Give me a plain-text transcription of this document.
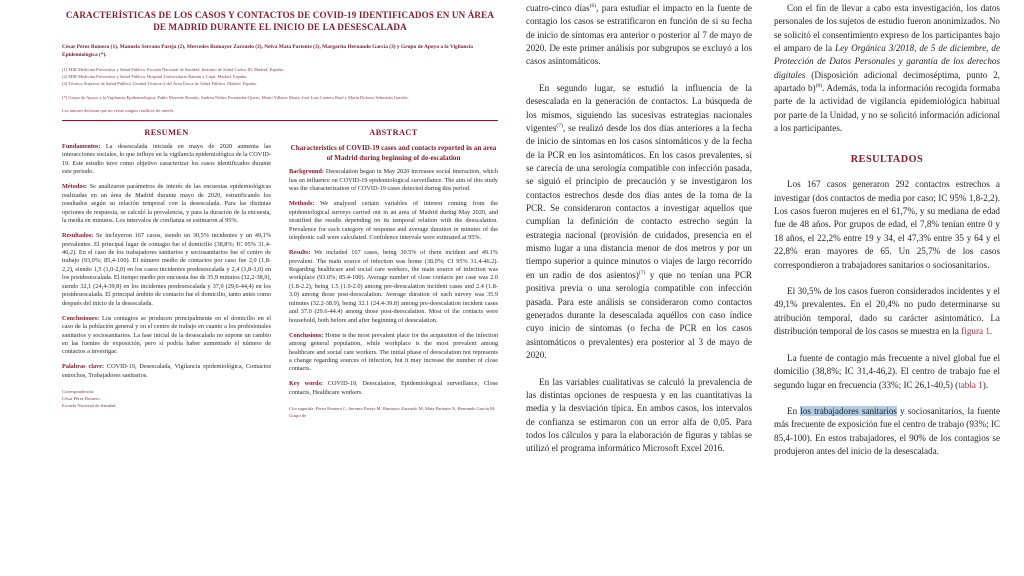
CARACTERÍSTICAS DE LOS CASOS Y CONTACTOS DE COVID-19 IDENTIFICADOS EN UN ÁREA DE MADRID DURANTE EL INICIO DE LA DESESCALADA
César Pérez Romero (1), Manuela Serrano Pareja (2), Mercedes Rumayor Zarzuelo (3), Nelva Mata Pariente (3), Margarita Hernando García (3) y Grupo de Apoyo a la Vigilancia Epidemiológica (*).
(1) MIR Medicina Preventiva y Salud Pública. Escuela Nacional de Sanidad. Instituto de Salud Carlos III. Madrid. España.
(2) MIR Medicina Preventiva y Salud Pública. Hospital Universitario Ramón y Cajal. Madrid. España.
(3) Técnico Superior de Salud Pública. Unidad Técnica-2 del Área Única de Salud Pública. Madrid. España.
(*) Grupo de Apoyo a la Vigilancia Epidemiológica: Pablo Morente Rosado, Andrea Núñez Fernández-Quero, Mario Villares María, José Luis Cantero Raul y María Dolores Sebastián Garrido.
Los autores declaran que no existe ningún conflicto de interés.
RESUMEN

Fundamentos: La desescalada iniciada en mayo de 2020 aumenta las interacciones sociales, lo que influye en la vigilancia epidemiológica de la COVID-19. Este estudio tuvo como objetivo caracterizar los casos identificados durante este periodo.

Métodos: Se analizaron parámetros de interés de las encuestas epidemiológicas realizadas en un área de Madrid durante mayo de 2020, estratificando los resultados según su relación temporal con la desescalada. Para las distintas opciones de respuesta, se calculó la prevalencia, y para la duración de la encuesta, la media en minutos. Los intervalos de confianza se estimaron al 95%.

Resultados: Se incluyeron 167 casos, siendo un 30,5% incidentes y un 49,1% prevalentes. El principal lugar de contagio fue el domicilio (38,8%; IC 95% 31,4-46,2). En el caso de los trabajadores sanitarios y sociosanitarios fue el centro de trabajo (93,0%; 85,4-100). El número medio de contactos por caso fue 2,0 (1,8-2,2), siendo 1,5 (1,0-2,0) en los casos incidentes predesescalada y 2,4 (1,8-3,0) en los postdesescalada. El tiempo medio por encuesta fue de 35,9 minutos (32,2-38,9), siendo 32,1 (24,4-39,8) en los incidentes predesescalada y 37,0 (29,6-44,4) en los postdesescalada. El principal ámbito de contacto fue el domicilio, tanto antes como después del inicio de la desescalada.

Conclusiones: Los contagios se producen principalmente en el domicilio en el caso de la población general y en el centro de trabajo en cuanto a los profesionales sanitarios y sociosanitarios. La fase inicial de la desescalada no supone un cambio en las fuentes de exposición, pero sí podría haber aumentado el número de contactos a investigar.

Palabras clave: COVID-19, Desescalada, Vigilancia epidemiológica, Contactos estrechos, Trabajadores sanitarios.

Correspondencia:
César Pérez Romero
Escuela Nacional de Sanidad
ABSTRACT
Characteristics of COVID-19 cases and contacts reported in an area of Madrid during beginning of de-escalation

Background: Deescalation began in May 2020 increases social interaction, which has an influence on COVID-19 epidemiological surveillance. The aim of this study was the characterization of COVID-19 cases detected during this period.

Methods: We analyzed certain variables of interest coming from the epidemiological surveys carried out in an area of Madrid during May 2020, and stratified the results depending on its temporal relation with the deescalation. Prevalence for each category of response and average duration in minutes of the telephonic call were calculated. Confidence intervals were estimated at 95%.

Results: We included 167 cases, being 30.5% of them incident and 49.1% prevalent. The main source of infection was home (38.0%; CI 95% 31.4-46.2). Regarding healthcare and social care workers, the main source of infection was workplace (93.0%; 85.4-100). Average number of close contacts per case was 2.0 (1.8-2.2), being 1.5 (1.0-2.0) among pre-deescalation incident cases and 2.4 (1.8-3.0) among those post-deescalation. Average duration of each survey was 35.9 minutes (32.2-38.9), being 32.1 (24.4-39.8) among pre-deescalation incident cases and 37.0 (29.6-44.4) among those post-deescalation. Most of the contacts were household, both before and after beginning of deescalation.

Conclusions: Home is the most prevalent place for the acquisition of the infection among general population, while workplace is the most prevalent among healthcare and social care workers. The initial phase of deescalation not represents a change regarding sources of infection, but it may increase the number of close contacts.

Key words: COVID-19, Deescalation, Epidemiological surveillance, Close contacts, Healthcare workers.

Cita sugerida: Pérez Romero C, Serrano Pareja M, Rumayor Zarzuelo M, Mata Pariente N, Hernando García M, Grupo de

cuatro-cinco días$^{(6)}$, para estudiar el impacto en la fuente de contagio los casos se estratificaron en función de si su fecha de inicio de síntomas era anterior o posterior al 7 de mayo de 2020. De este primer análisis por subgrupos se excluyó a los casos asintomáticos.

En segundo lugar, se estudió la influencia de la desescalada en la generación de contactos. La búsqueda de los mismos, siguiendo las sucesivas estrategias nacionales vigentes$^{(7)}$, se realizó desde los dos días anteriores a la fecha de inicio de síntomas en los casos sintomáticos y de la fecha de la PCR en los asintomáticos. En los casos prevalentes, si se carecía de una serología compatible con infección pasada, se siguió el principio de precaución y se investigaron los contactos estrechos desde dos días antes de la toma de la PCR. Se consideraron contactos a investigar aquellos que cumplían la definición de contacto estrecho según la estrategia nacional (provisión de cuidados, presencia en el mismo lugar a una distancia menor de dos metros y por un tiempo superior a quince minutos o viajes de largo recorrido en un radio de dos asientos)$^{(7)}$ y que no tenían una PCR positiva previa o una serología compatible con infección pasada. Para este análisis se consideraron como contactos generados durante la desescalada aquéllos con caso índice cuyo inicio de síntomas (o fecha de PCR en los casos asintomáticos o prevalentes) era posterior al 3 de mayo de 2020.

En las variables cualitativas se calculó la prevalencia de las distintas opciones de respuesta y en las cuantitativas la media y la desviación típica. En ambos casos, los intervalos de confianza se estimaron con un error alfa de 0,05. Para todos los cálculos y para la elaboración de figuras y tablas se utilizó el programa informático Microsoft Excel 2016.

Con el fin de llevar a cabo esta investigación, los datos personales de los sujetos de estudio fueron anonimizados. No se solicitó el consentimiento expreso de los participantes bajo el amparo de la Ley Orgánica 3/2018, de 5 de diciembre, de Protección de Datos Personales y garantía de los derechos digitales (Disposición adicional decimoséptima, punto 2, apartado b)$^{(8)}$. Además, toda la información recogida formaba parte de la actividad de vigilancia epidemiológica habitual por parte de la Unidad, y no se solicitó información adicional a los participantes.

RESULTADOS

Los 167 casos generaron 292 contactos estrechos a investigar (dos contactos de media por caso; IC 95% 1,8-2,2). Los casos fueron mujeres en el 61,7%, y su mediana de edad fue de 48 años. Por grupos de edad, el 7,8% tenían entre 0 y 18 años, el 22,2% entre 19 y 34, el 47,3% entre 35 y 64 y el 22,8% eran mayores de 65. Un 25,7% de los casos correspondieron a trabajadores sanitarios o sociosanitarios.

El 30,5% de los casos fueron considerados incidentes y el 49,1% prevalentes. En el 20,4% no pudo determinarse su atribución temporal, dado su carácter asintomático. La distribución temporal de los casos se muestra en la figura 1.

La fuente de contagio más frecuente a nivel global fue el domicilio (38,8%; IC 31,4-46,2). El centro de trabajo fue el segundo lugar en frecuencia (33%; IC 26,1-40,5) (tabla 1).

En los trabajadores sanitarios y sociosanitarios, la fuente más frecuente de exposición fue el centro de trabajo (93%; IC 85,4-100). En estos trabajadores, el 90% de los contagios se produjeron antes del inicio de la desescalada.
